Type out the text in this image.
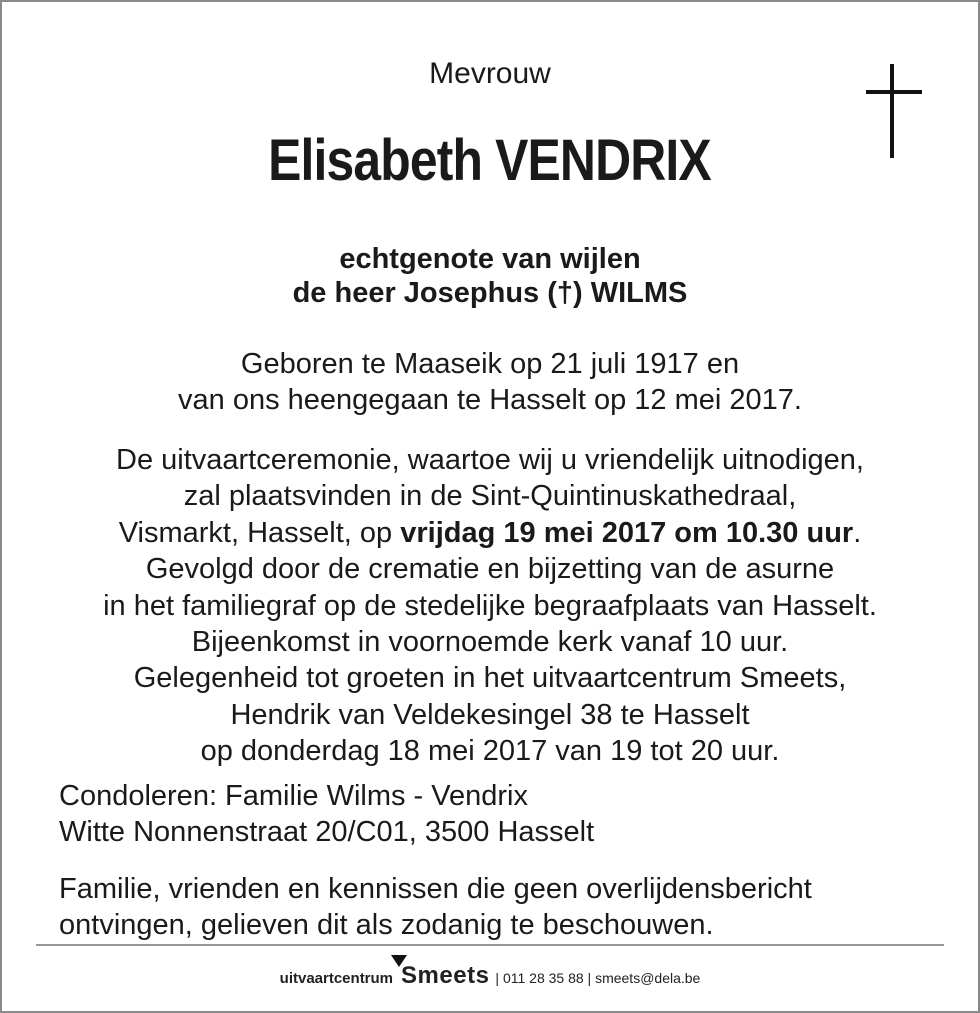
Mevrouw
Elisabeth VENDRIX
echtgenote van wijlen
de heer Josephus (†) WILMS
Geboren te Maaseik op 21 juli 1917 en
van ons heengegaan te Hasselt op 12 mei 2017.
De uitvaartceremonie, waartoe wij u vriendelijk uitnodigen,
zal plaatsvinden in de Sint-Quintinuskathedraal,
Vismarkt, Hasselt, op vrijdag 19 mei 2017 om 10.30 uur.
Gevolgd door de crematie en bijzetting van de asurne
in het familiegraf op de stedelijke begraafplaats van Hasselt.
Bijeenkomst in voornoemde kerk vanaf 10 uur.
Gelegenheid tot groeten in het uitvaartcentrum Smeets,
Hendrik van Veldekesingel 38 te Hasselt
op donderdag 18 mei 2017 van 19 tot 20 uur.
Condoleren: Familie Wilms - Vendrix
Witte Nonnenstraat 20/C01, 3500 Hasselt
Familie, vrienden en kennissen die geen overlijdensbericht
ontvingen, gelieven dit als zodanig te beschouwen.
uitvaartcentrum Smeets | 011 28 35 88 | smeets@dela.be
